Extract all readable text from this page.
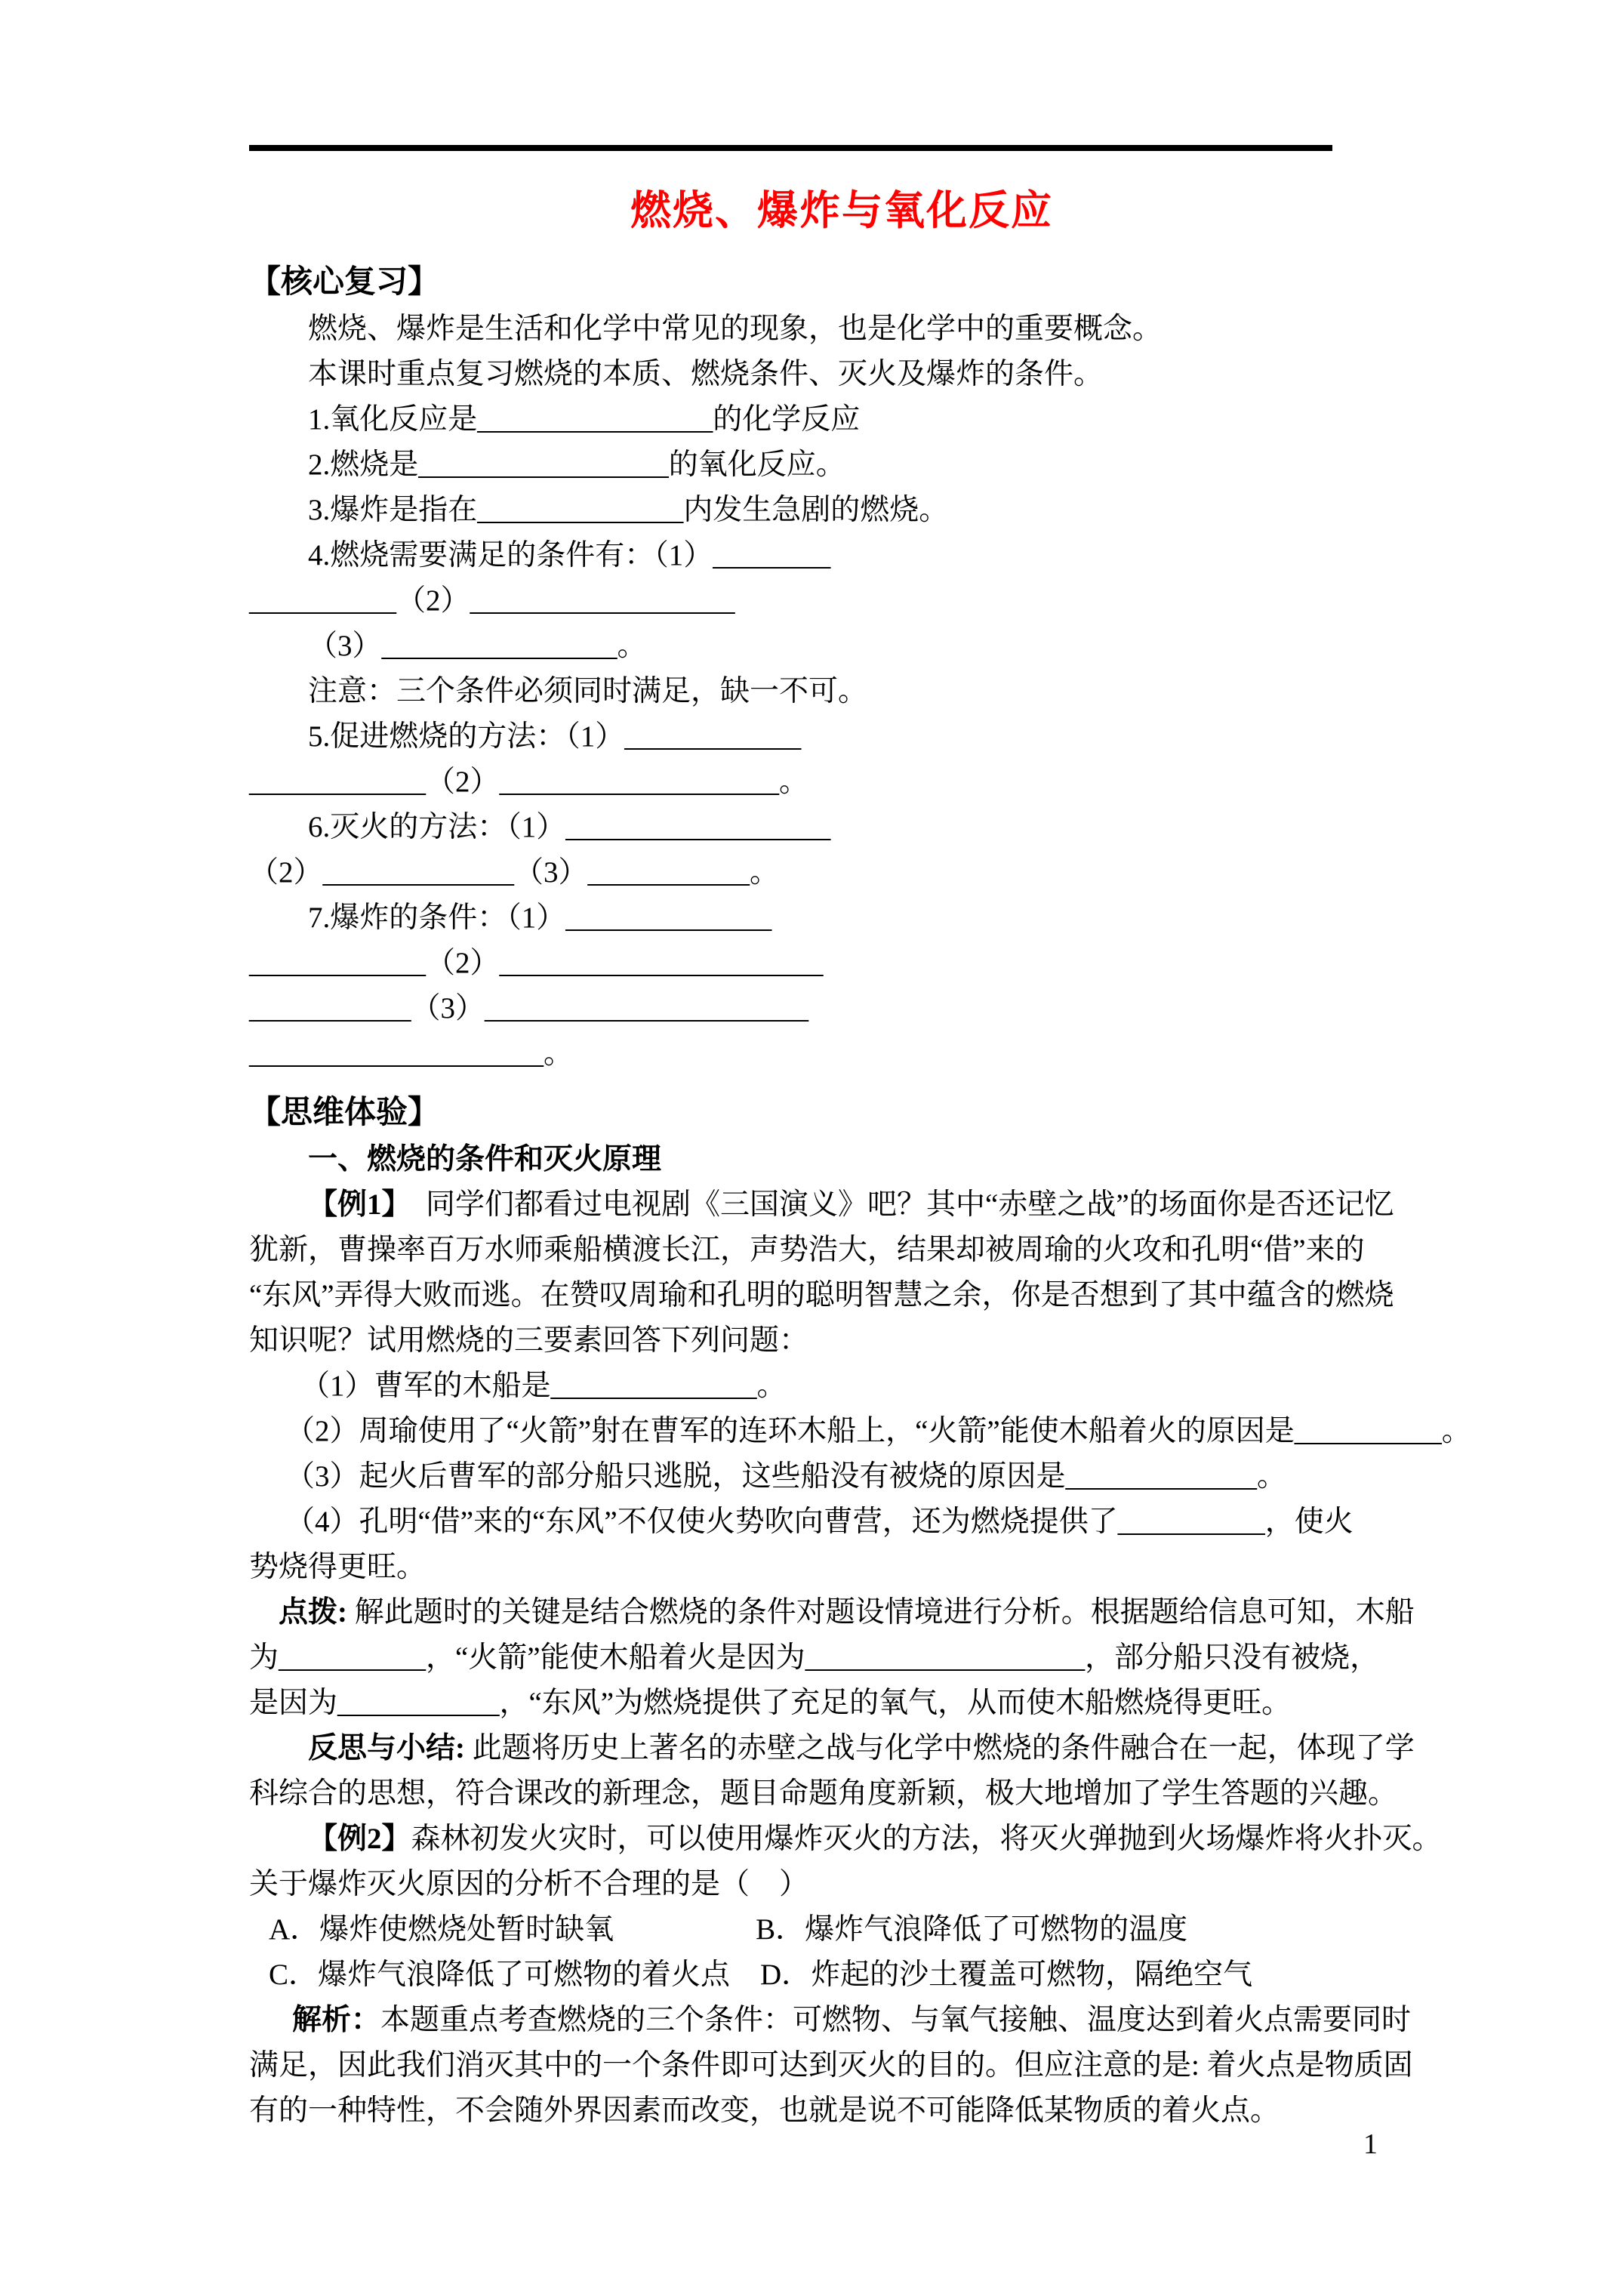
燃烧、爆炸与氧化反应
【核心复习】
燃烧、爆炸是生活和化学中常见的现象，也是化学中的重要概念。
本课时重点复习燃烧的本质、燃烧条件、灭火及爆炸的条件。
1.氧化反应是________________的化学反应
2.燃烧是_________________的氧化反应。
3.爆炸是指在______________内发生急剧的燃烧。
4.燃烧需要满足的条件有：（1）________
__________（2）__________________
（3）________________。
注意：三个条件必须同时满足，缺一不可。
5.促进燃烧的方法：（1）____________
____________（2）___________________。
6.灭火的方法：（1）__________________
（2）_____________（3）___________。
7.爆炸的条件：（1）______________
____________（2）______________________
___________（3）______________________
____________________。
【思维体验】
一、燃烧的条件和灭火原理
【例1】　同学们都看过电视剧《三国演义》吧？其中“赤壁之战”的场面你是否还记忆
犹新，曹操率百万水师乘船横渡长江，声势浩大，结果却被周瑜的火攻和孔明“借”来的
“东风”弄得大败而逃。在赞叹周瑜和孔明的聪明智慧之余，你是否想到了其中蕴含的燃烧
知识呢？试用燃烧的三要素回答下列问题：
（1）曹军的木船是______________。
（2）周瑜使用了“火箭”射在曹军的连环木船上，“火箭”能使木船着火的原因是__________。
（3）起火后曹军的部分船只逃脱，这些船没有被烧的原因是_____________。
（4）孔明“借”来的“东风”不仅使火势吹向曹营，还为燃烧提供了__________，使火
势烧得更旺。
点拨: 解此题时的关键是结合燃烧的条件对题设情境进行分析。根据题给信息可知，木船
为__________，“火箭”能使木船着火是因为___________________，部分船只没有被烧，
是因为___________，“东风”为燃烧提供了充足的氧气，从而使木船燃烧得更旺。
反思与小结: 此题将历史上著名的赤壁之战与化学中燃烧的条件融合在一起，体现了学
科综合的思想，符合课改的新理念，题目命题角度新颖，极大地增加了学生答题的兴趣。
【例2】森林初发火灾时，可以使用爆炸灭火的方法，将灭火弹抛到火场爆炸将火扑灭。
关于爆炸灭火原因的分析不合理的是（　）
A．爆炸使燃烧处暂时缺氧	B．爆炸气浪降低了可燃物的温度
C．爆炸气浪降低了可燃物的着火点 D．炸起的沙土覆盖可燃物，隔绝空气
解析：本题重点考查燃烧的三个条件：可燃物、与氧气接触、温度达到着火点需要同时
满足，因此我们消灭其中的一个条件即可达到灭火的目的。但应注意的是: 着火点是物质固
有的一种特性，不会随外界因素而改变，也就是说不可能降低某物质的着火点。
1
